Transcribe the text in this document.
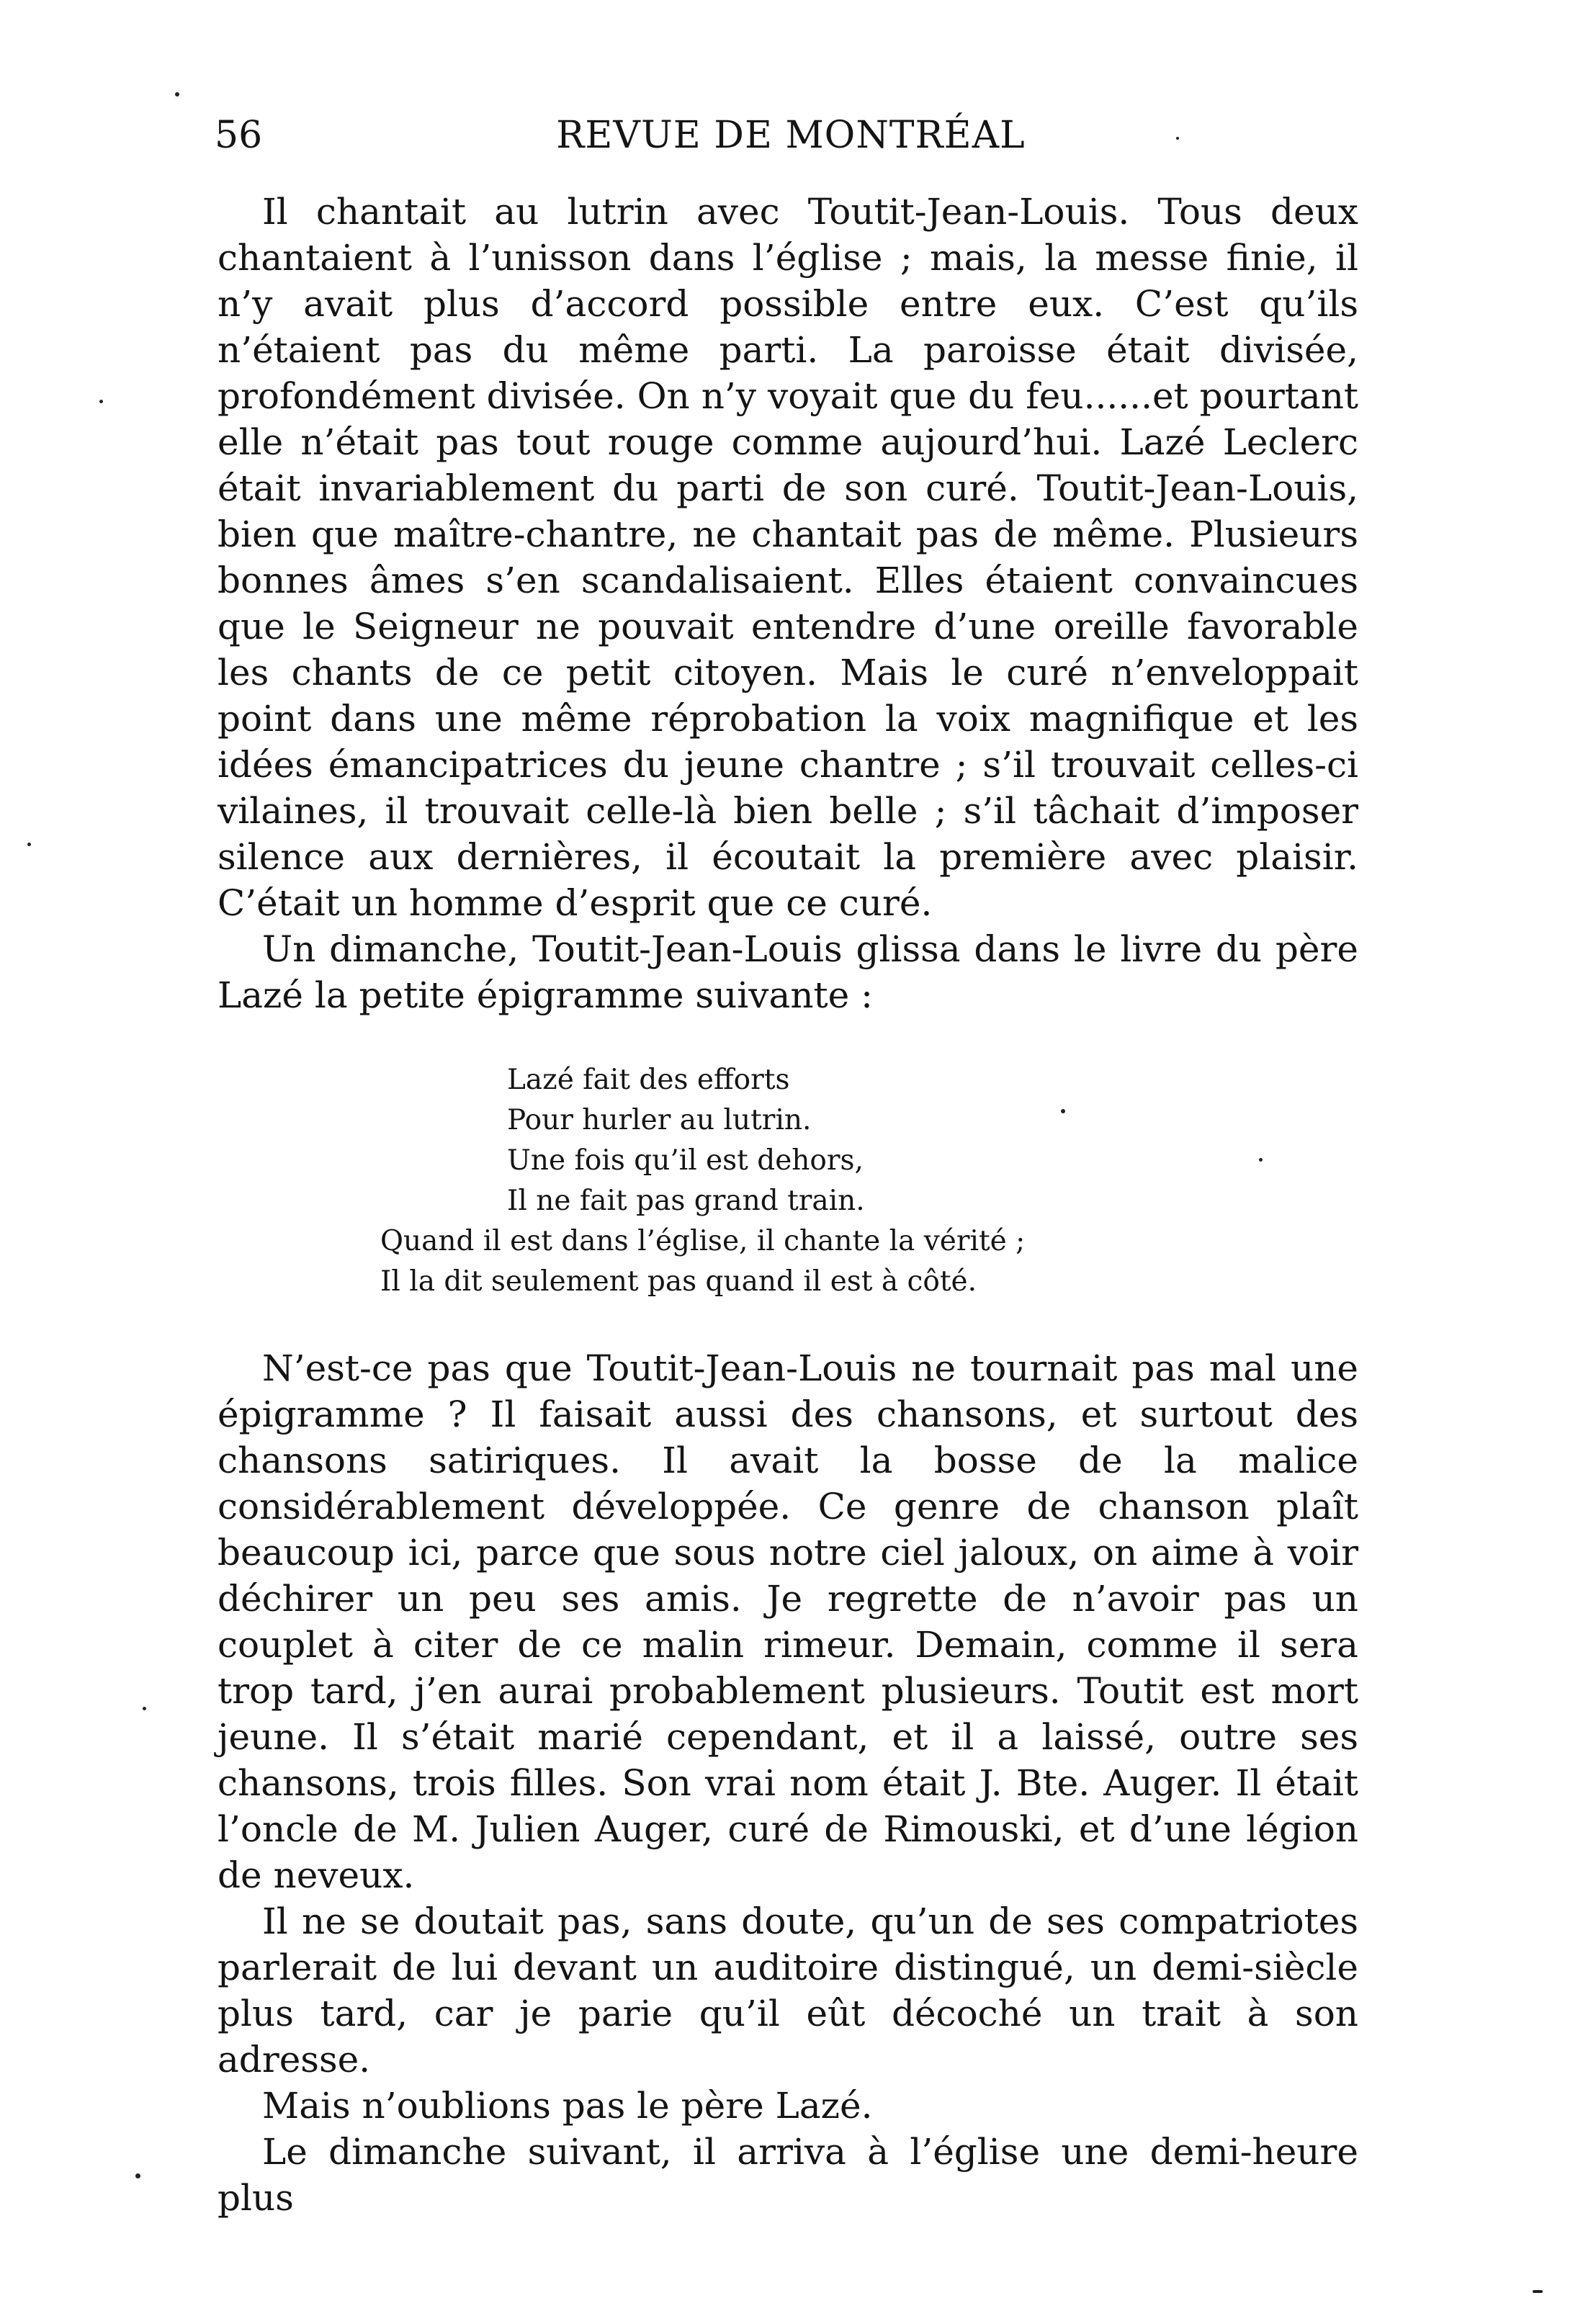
56	REVUE DE MONTRÉAL

Il chantait au lutrin avec Toutit-Jean-Louis. Tous deux chantaient à l’unisson dans l’église ; mais, la messe finie, il n’y avait plus d’accord possible entre eux. C’est qu’ils n’étaient pas du même parti. La paroisse était divisée, profondément divisée. On n’y voyait que du feu......et pourtant elle n’était pas tout rouge comme aujourd’hui. Lazé Leclerc était invariablement du parti de son curé. Toutit-Jean-Louis, bien que maître-chantre, ne chantait pas de même. Plusieurs bonnes âmes s’en scandalisaient. Elles étaient convaincues que le Seigneur ne pouvait entendre d’une oreille favorable les chants de ce petit citoyen. Mais le curé n’enveloppait point dans une même réprobation la voix magnifique et les idées émancipatrices du jeune chantre ; s’il trouvait celles-ci vilaines, il trouvait celle-là bien belle ; s’il tâchait d’imposer silence aux dernières, il écoutait la première avec plaisir. C’était un homme d’esprit que ce curé.

Un dimanche, Toutit-Jean-Louis glissa dans le livre du père Lazé la petite épigramme suivante :

Lazé fait des efforts
Pour hurler au lutrin.
Une fois qu’il est dehors,
Il ne fait pas grand train.
Quand il est dans l’église, il chante la vérité ;
Il la dit seulement pas quand il est à côté.

N’est-ce pas que Toutit-Jean-Louis ne tournait pas mal une épigramme ? Il faisait aussi des chansons, et surtout des chansons satiriques. Il avait la bosse de la malice considérablement développée. Ce genre de chanson plaît beaucoup ici, parce que sous notre ciel jaloux, on aime à voir déchirer un peu ses amis. Je regrette de n’avoir pas un couplet à citer de ce malin rimeur. Demain, comme il sera trop tard, j’en aurai probablement plusieurs. Toutit est mort jeune. Il s’était marié cependant, et il a laissé, outre ses chansons, trois filles. Son vrai nom était J. Bte. Auger. Il était l’oncle de M. Julien Auger, curé de Rimouski, et d’une légion de neveux.

Il ne se doutait pas, sans doute, qu’un de ses compatriotes parlerait de lui devant un auditoire distingué, un demi-siècle plus tard, car je parie qu’il eût décoché un trait à son adresse.

Mais n’oublions pas le père Lazé.

Le dimanche suivant, il arriva à l’église une demi-heure plus
